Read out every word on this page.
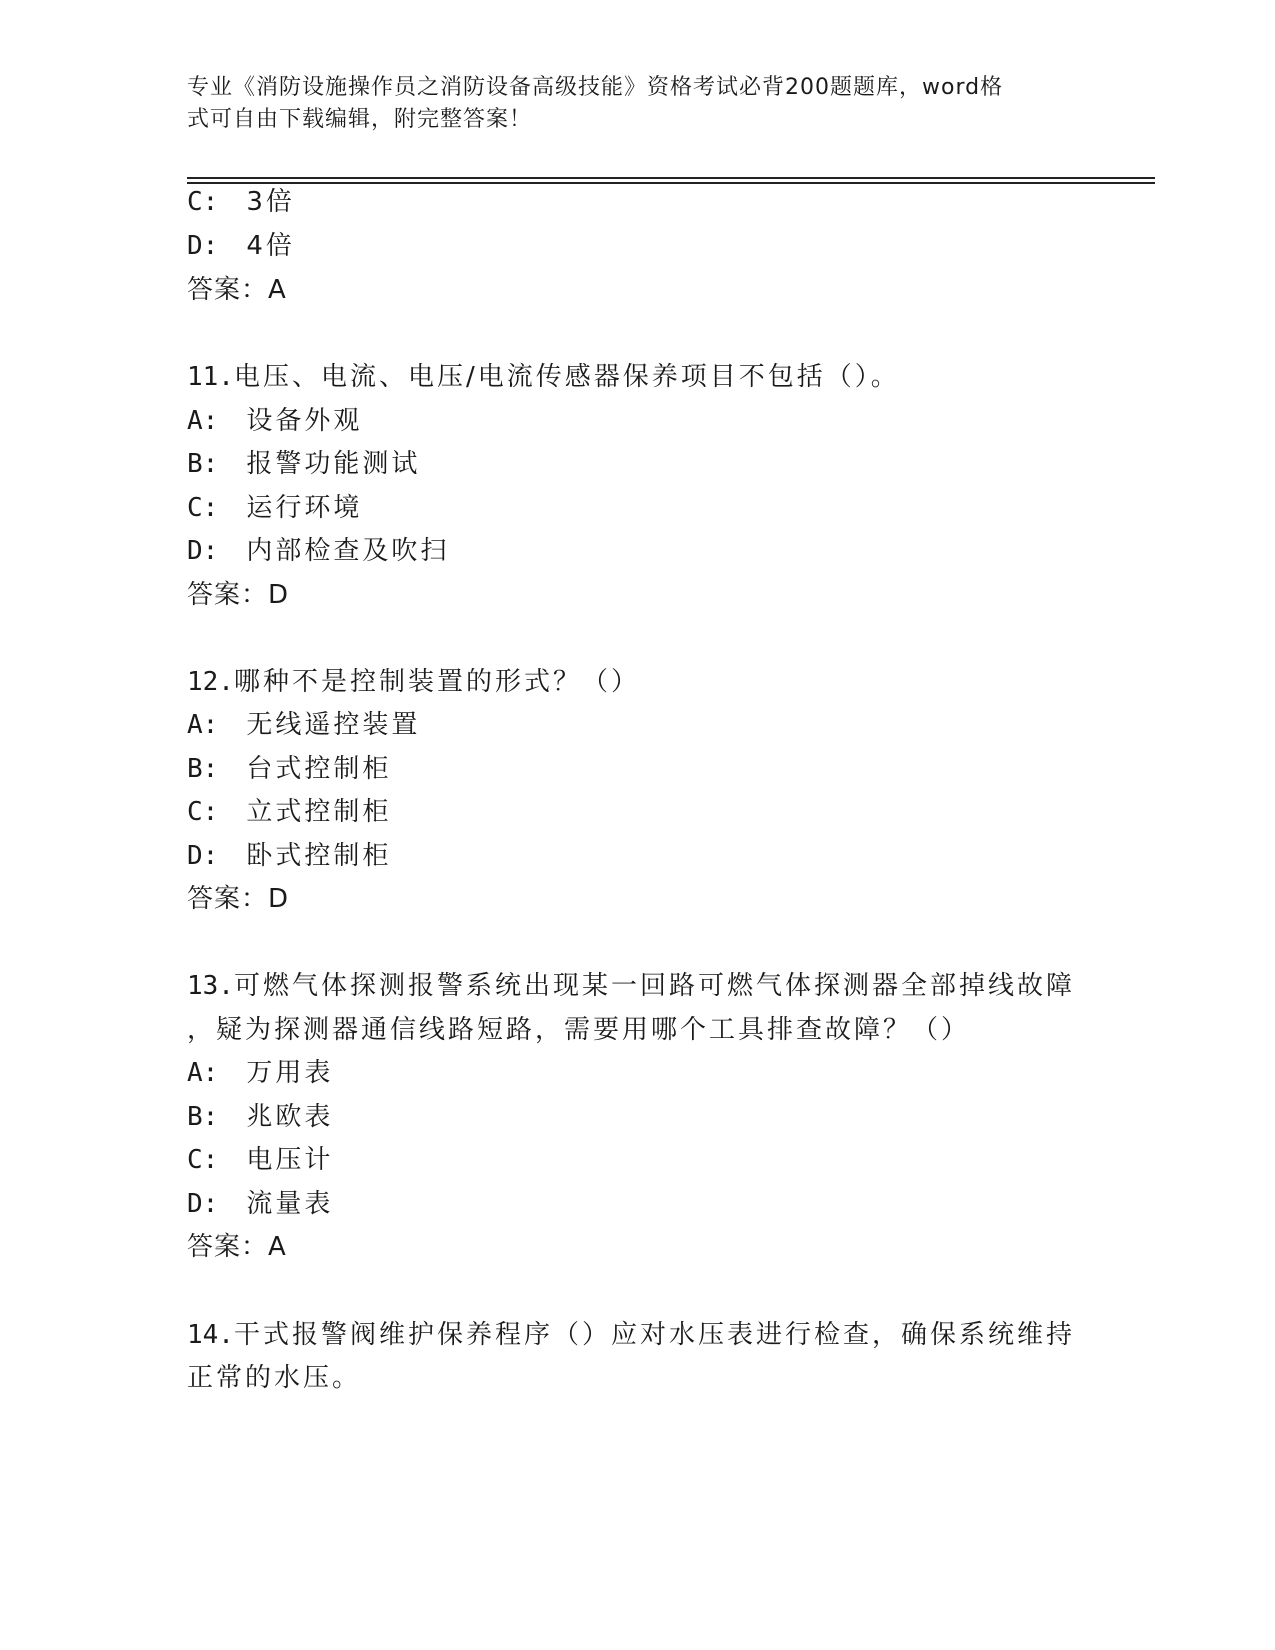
专业《消防设施操作员之消防设备高级技能》资格考试必背200题题库，word格
式可自由下载编辑，附完整答案！
C: 3倍
D: 4倍
答案：A
11.电压、电流、电压/电流传感器保养项目不包括（）。
A: 设备外观
B: 报警功能测试
C: 运行环境
D: 内部检查及吹扫
答案：D
12.哪种不是控制装置的形式？（）
A: 无线遥控装置
B: 台式控制柜
C: 立式控制柜
D: 卧式控制柜
答案：D
13.可燃气体探测报警系统出现某一回路可燃气体探测器全部掉线故障
，疑为探测器通信线路短路，需要用哪个工具排查故障？（）
A: 万用表
B: 兆欧表
C: 电压计
D: 流量表
答案：A
14.干式报警阀维护保养程序（）应对水压表进行检查，确保系统维持
正常的水压。
